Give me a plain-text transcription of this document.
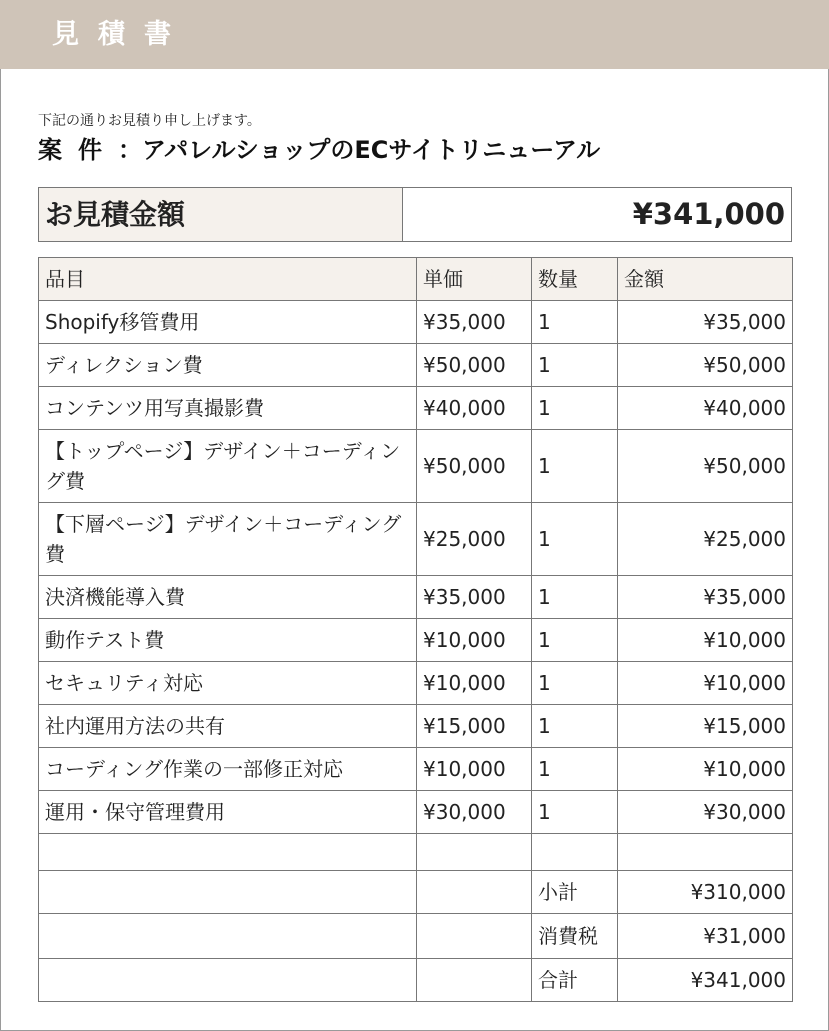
見積書
下記の通りお見積り申し上げます。
案件：アパレルショップのECサイトリニューアル
お見積金額	¥341,000
品目	単価	数量	金額
Shopify移管費用	¥35,000	1	¥35,000
ディレクション費	¥50,000	1	¥50,000
コンテンツ用写真撮影費	¥40,000	1	¥40,000
【トップページ】デザイン＋コーディング費	¥50,000	1	¥50,000
【下層ページ】デザイン＋コーディング費	¥25,000	1	¥25,000
決済機能導入費	¥35,000	1	¥35,000
動作テスト費	¥10,000	1	¥10,000
セキュリティ対応	¥10,000	1	¥10,000
社内運用方法の共有	¥15,000	1	¥15,000
コーディング作業の一部修正対応	¥10,000	1	¥10,000
運用・保守管理費用	¥30,000	1	¥30,000

		小計	¥310,000
		消費税	¥31,000
		合計	¥341,000
